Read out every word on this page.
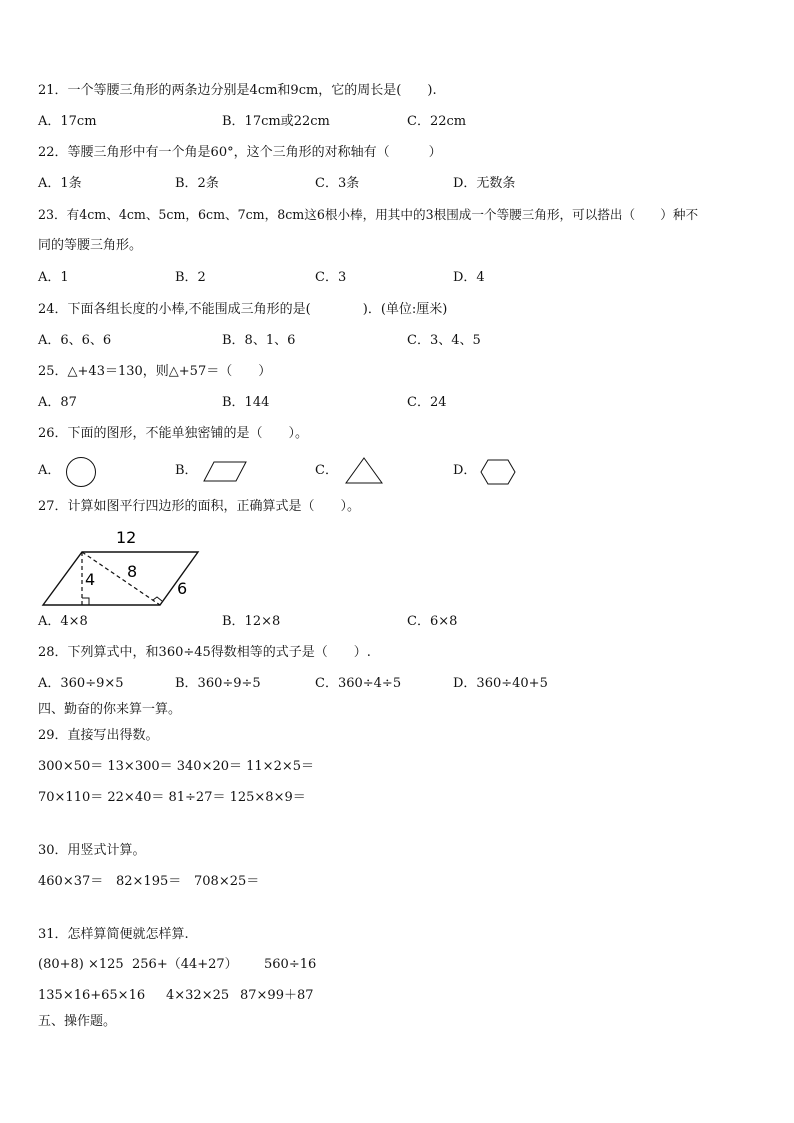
21．一个等腰三角形的两条边分别是4cm和9cm，它的周长是(　　).
A．17cm	B．17cm或22cm	C．22cm
22．等腰三角形中有一个角是60°，这个三角形的对称轴有（　　　）
A．1条	B．2条	C．3条	D．无数条
23．有4cm、4cm、5cm，6cm、7cm，8cm这6根小棒，用其中的3根围成一个等腰三角形，可以搭出（　　）种不
同的等腰三角形。
A．1	B．2	C．3	D．4
24．下面各组长度的小棒,不能围成三角形的是(　　　　)．(单位:厘米)
A．6、6、6	B．8、1、6	C．3、4、5
25．△+43＝130，则△+57＝（　　）
A．87	B．144	C．24
26．下面的图形，不能单独密铺的是（　　）。
A．	B．	C．	D．
27．计算如图平行四边形的面积，正确算式是（　　）。
12
4 8
6
A．4×8	B．12×8	C．6×8
28．下列算式中，和360÷45得数相等的式子是（　　）.
A．360÷9×5	B．360÷9÷5	C．360÷4÷5	D．360÷40+5
四、勤奋的你来算一算。
29．直接写出得数。
300×50＝ 13×300＝ 340×20＝ 11×2×5＝
70×110＝ 22×40＝ 81÷27＝ 125×8×9＝
30．用竖式计算。
460×37＝ 82×195＝ 708×25＝
31．怎样算简便就怎样算.
(80+8) ×125 256+（44+27） 560÷16
135×16+65×16 4×32×25 87×99＋87
五、操作题。
